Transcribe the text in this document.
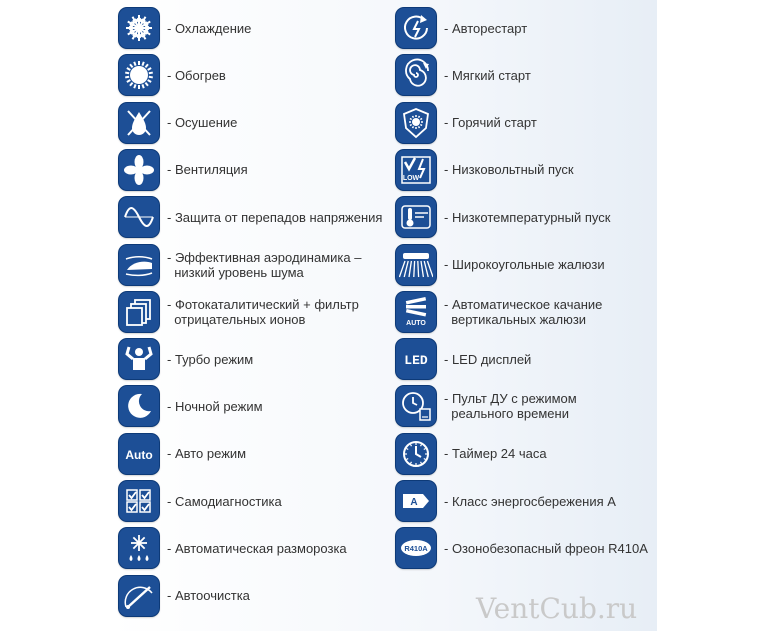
- Охлаждение
- Обогрев
- Осушение
- Вентиляция
- Защита от перепадов напряжения
- Эффективная аэродинамика –
низкий уровень шума
- Фотокаталитический + фильтр
отрицательных ионов
- Турбо режим
- Ночной режим
Auto - Авто режим
- Самодиагностика
- Автоматическая разморозка
- Автоочистка
- Авторестарт
- Мягкий старт
- Горячий старт
LOW
- Низковольтный пуск
- Низкотемпературный пуск
- Широкоугольные жалюзи
AUTO
- Автоматическое качание
вертикальных жалюзи
LED - LED дисплей
- Пульт ДУ с режимом
реального времени
- Таймер 24 часа
A - Класс энергосбережения А
R410A - Озонобезопасный фреон R410A
VentCub.ru
